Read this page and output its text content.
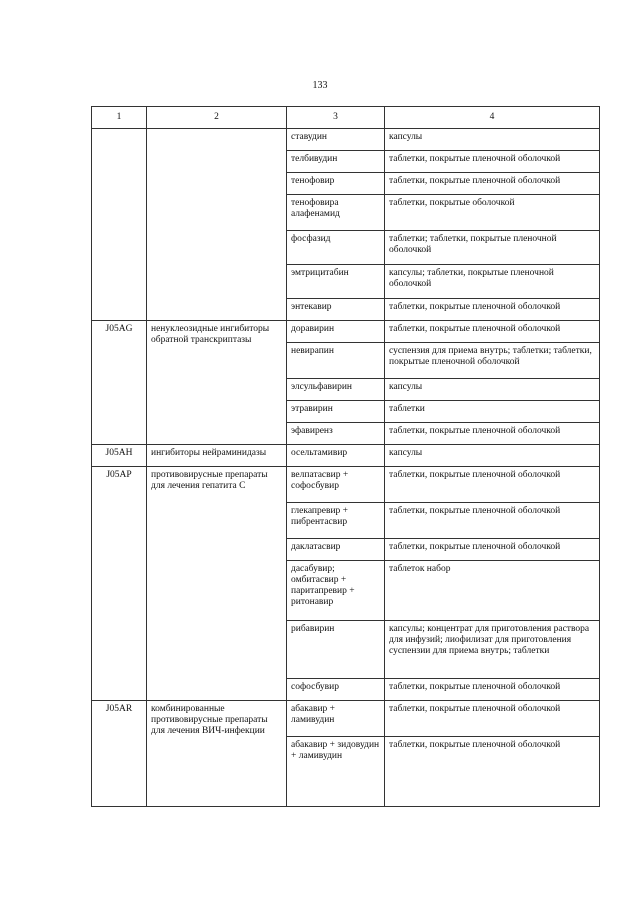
133
1	2	3	4
		ставудин	капсулы
		телбивудин	таблетки, покрытые пленочной оболочкой
		тенофовир	таблетки, покрытые пленочной оболочкой
		тенофовира алафенамид	таблетки, покрытые оболочкой
		фосфазид	таблетки; таблетки, покрытые пленочной оболочкой
		эмтрицитабин	капсулы; таблетки, покрытые пленочной оболочкой
		энтекавир	таблетки, покрытые пленочной оболочкой
J05AG	ненуклеозидные ингибиторы обратной транскриптазы	доравирин	таблетки, покрытые пленочной оболочкой
		невирапин	суспензия для приема внутрь; таблетки; таблетки, покрытые пленочной оболочкой
		элсульфавирин	капсулы
		этравирин	таблетки
		эфавиренз	таблетки, покрытые пленочной оболочкой
J05AH	ингибиторы нейраминидазы	осельтамивир	капсулы
J05AP	противовирусные препараты для лечения гепатита С	велпатасвир + софосбувир	таблетки, покрытые пленочной оболочкой
		глекапревир + пибрентасвир	таблетки, покрытые пленочной оболочкой
		даклатасвир	таблетки, покрытые пленочной оболочкой
		дасабувир; омбитасвир + паритапревир + ритонавир	таблеток набор
		рибавирин	капсулы; концентрат для приготовления раствора для инфузий; лиофилизат для приготовления суспензии для приема внутрь; таблетки
		софосбувир	таблетки, покрытые пленочной оболочкой
J05AR	комбинированные противовирусные препараты для лечения ВИЧ-инфекции	абакавир + ламивудин	таблетки, покрытые пленочной оболочкой
		абакавир + зидовудин + ламивудин	таблетки, покрытые пленочной оболочкой
